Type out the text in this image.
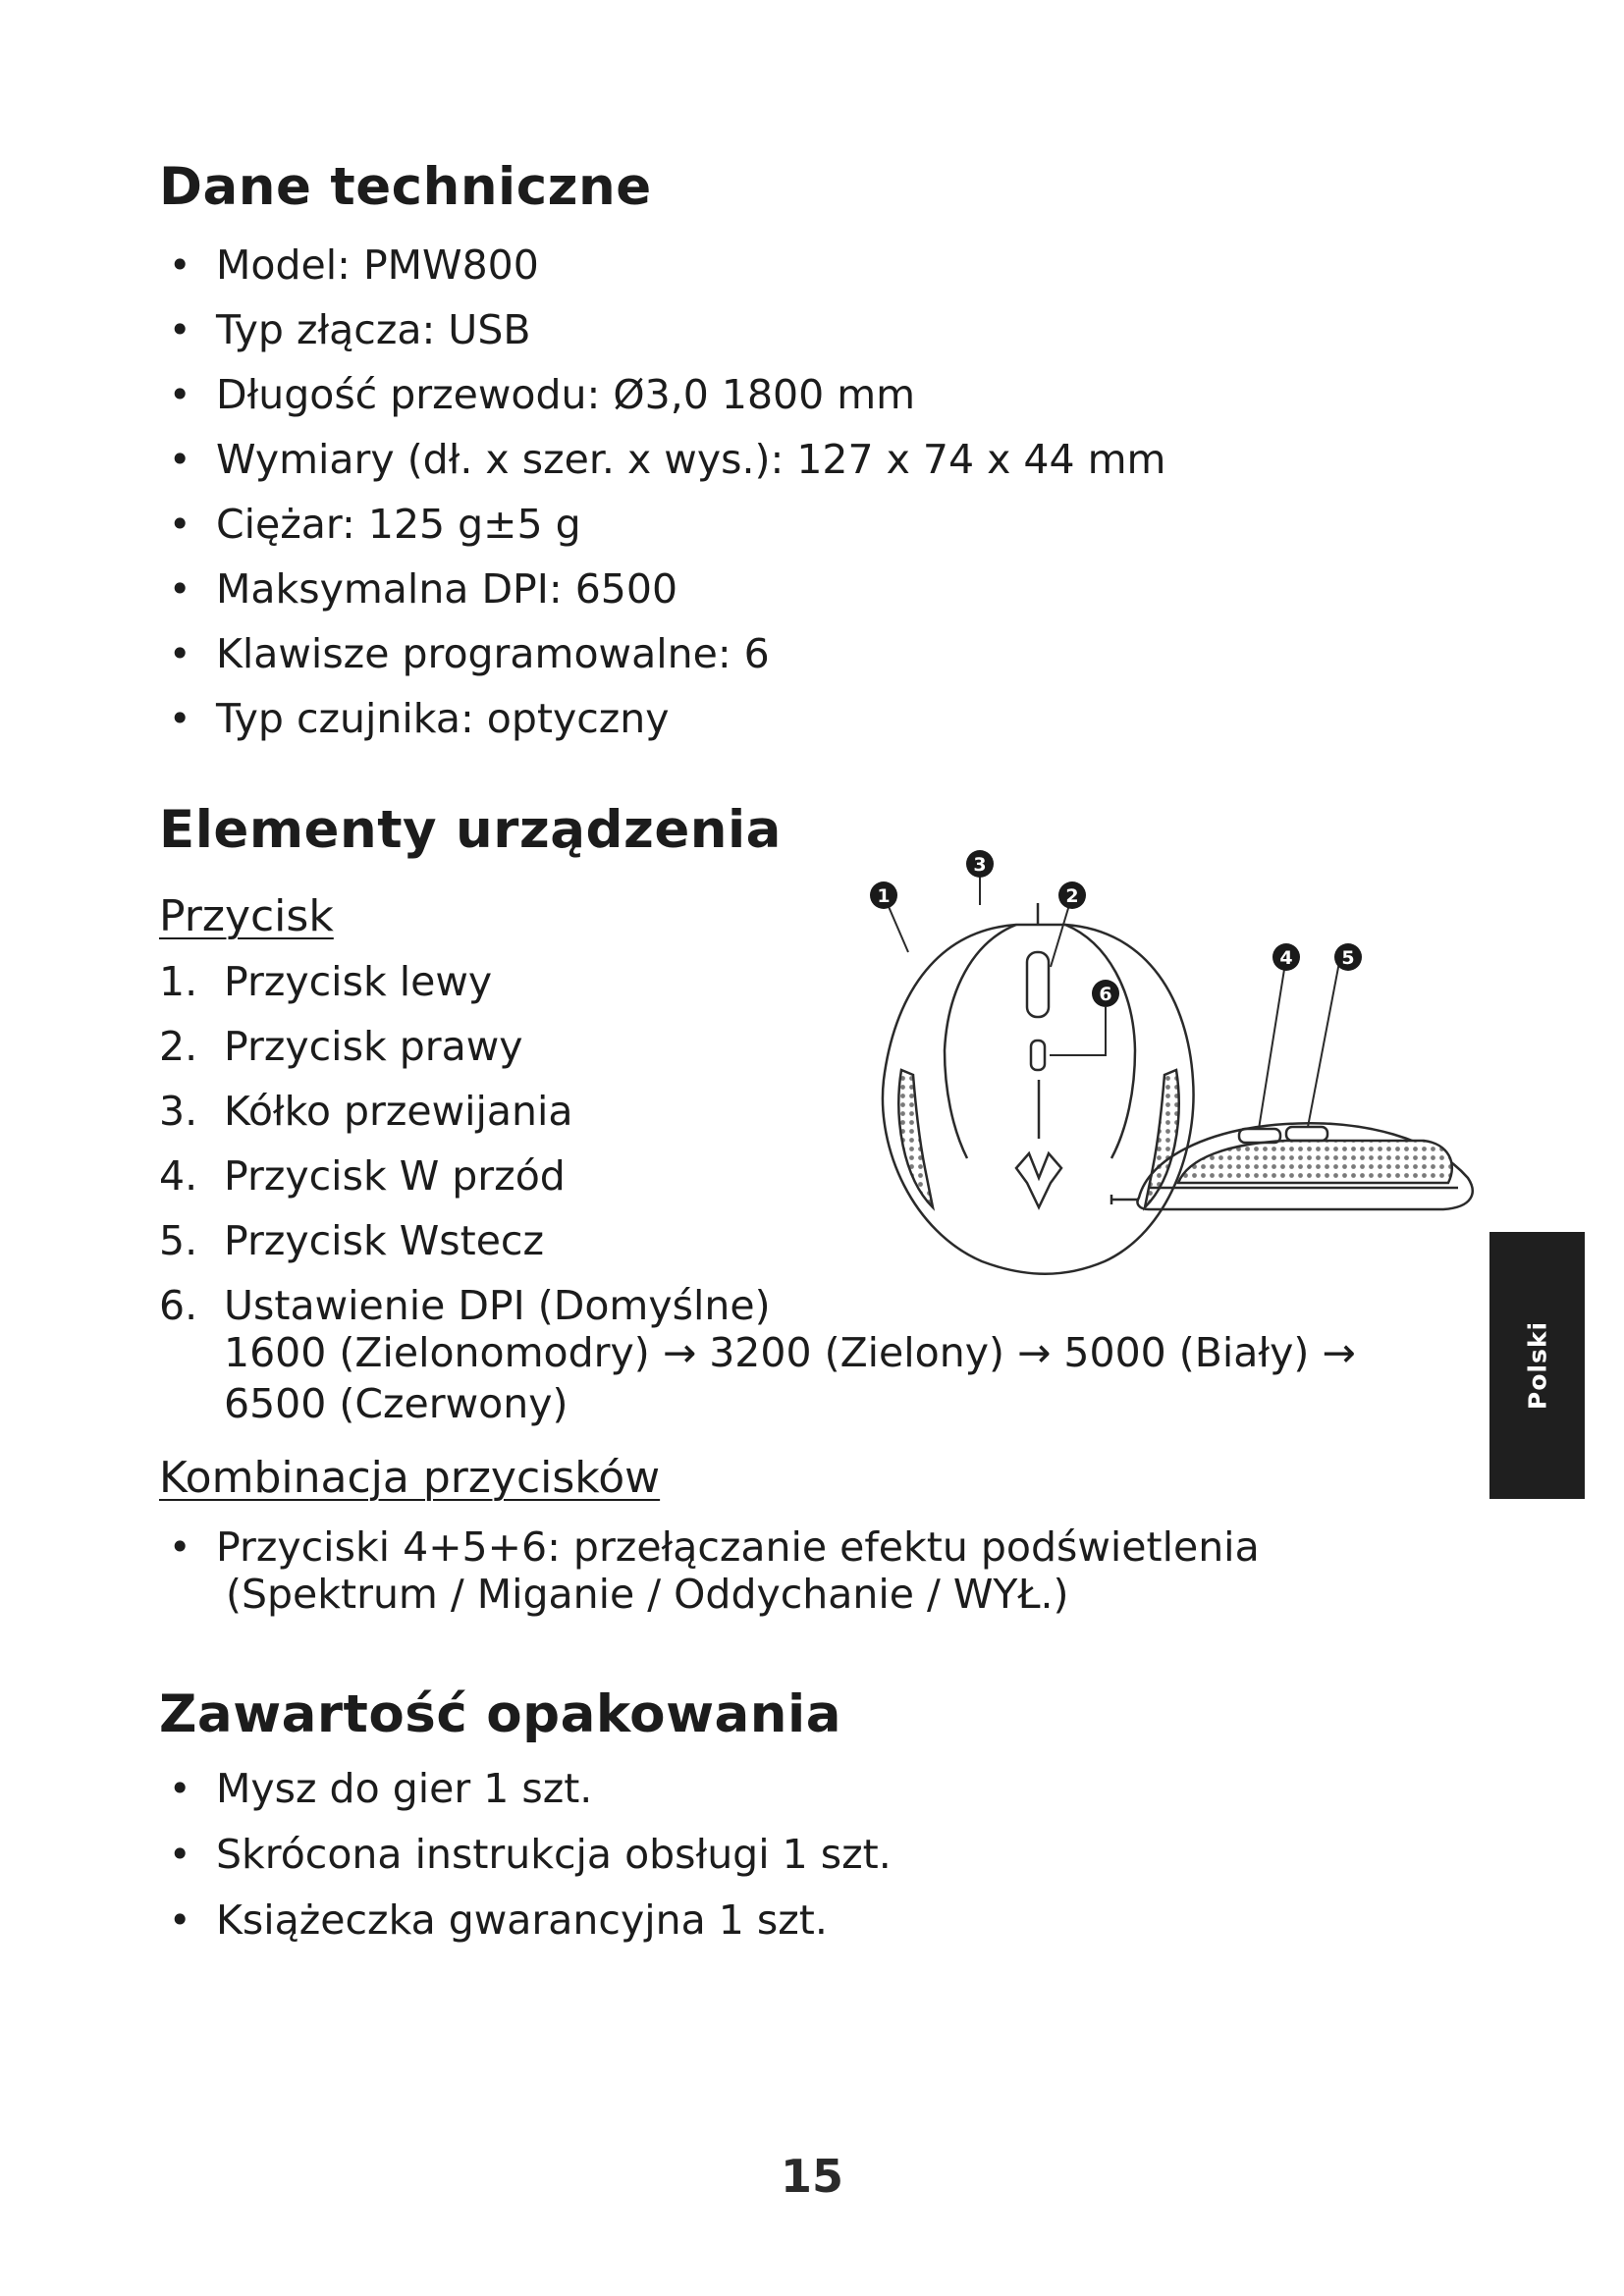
Dane techniczne
• Model: PMW800
• Typ złącza: USB
• Długość przewodu: Ø3,0 1800 mm
• Wymiary (dł. x szer. x wys.): 127 x 74 x 44 mm
• Ciężar: 125 g±5 g
• Maksymalna DPI: 6500
• Klawisze programowalne: 6
• Typ czujnika: optyczny
Elementy urządzenia
Przycisk
1. Przycisk lewy
2. Przycisk prawy
3. Kółko przewijania
4. Przycisk W przód
5. Przycisk Wstecz
6. Ustawienie DPI (Domyślne)
1600 (Zielonomodry) → 3200 (Zielony) → 5000 (Biały) →
6500 (Czerwony)
Kombinacja przycisków
• Przyciski 4+5+6: przełączanie efektu podświetlenia
(Spektrum / Miganie / Oddychanie / WYŁ.)
1	2
3
4	5
6
Zawartość opakowania
• Mysz do gier 1 szt.
• Skrócona instrukcja obsługi 1 szt.
• Książeczka gwarancyjna 1 szt.
Polski
15
